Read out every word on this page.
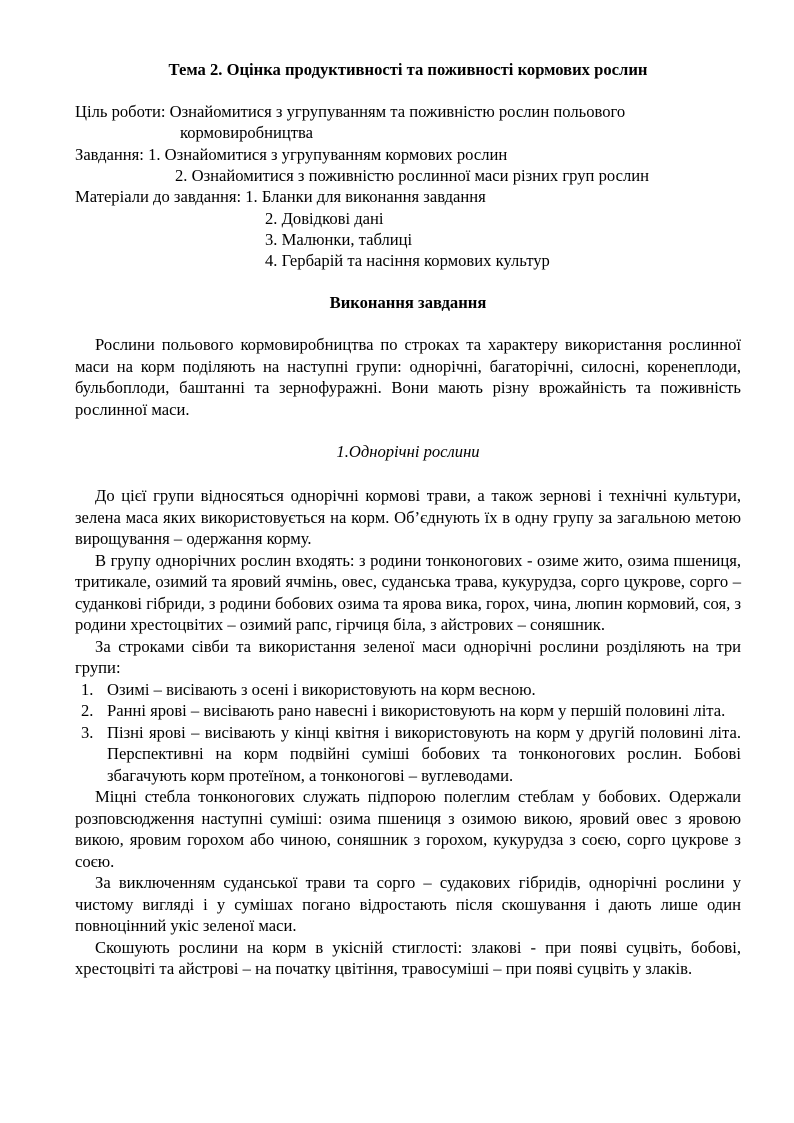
Тема 2. Оцінка продуктивності та поживності кормових рослин
Ціль роботи: Ознайомитися з угрупуванням та поживністю рослин польового
кормовиробництва
Завдання: 1. Ознайомитися з угрупуванням кормових рослин
2. Ознайомитися з поживністю рослинної маси різних груп рослин
Матеріали до завдання: 1. Бланки для виконання завдання
2. Довідкові дані
3. Малюнки, таблиці
4. Гербарій та насіння кормових культур
Виконання завдання

Рослини польового кормовиробництва по строках та характеру використання рослинної маси на корм поділяють на наступні групи: однорічні, багаторічні, силосні, коренеплоди, бульбоплоди, баштанні та зернофуражні. Вони мають різну врожайність та поживність рослинної маси.

1.Однорічні рослини

До цієї групи відносяться однорічні кормові трави, а також зернові і технічні культури, зелена маса яких використовується на корм. Об’єднують їх в одну групу за загальною метою вирощування – одержання корму.

В групу однорічних рослин входять: з родини тонконогових - озиме жито, озима пшениця, тритикале, озимий та яровий ячмінь, овес, суданська трава, кукурудза, сорго цукрове, сорго – суданкові гібриди, з родини бобових озима та ярова вика, горох, чина, люпин кормовий, соя, з родини хрестоцвітих – озимий рапс, гірчиця біла, з айстрових – соняшник.

За строками сівби та використання зеленої маси однорічні рослини розділяють на три групи:

1. Озимі – висівають з осені і використовують на корм весною.
2. Ранні ярові – висівають рано навесні і використовують на корм у першій половині літа.
3. Пізні ярові – висівають у кінці квітня і використовують на корм у другій половині літа. Перспективні на корм подвійні суміші бобових та тонконогових рослин. Бобові збагачують корм протеїном, а тонконогові – вуглеводами.

Міцні стебла тонконогових служать підпорою полеглим стеблам у бобових. Одержали розповсюдження наступні суміші: озима пшениця з озимою викою, яровий овес з яровою викою, яровим горохом або чиною, соняшник з горохом, кукурудза з соєю, сорго цукрове з соєю.

За виключенням суданської трави та сорго – судакових гібридів, однорічні рослини у чистому вигляді і у сумішах погано відростають після скошування і дають лише один повноцінний укіс зеленої маси.

Скошують рослини на корм в укісній стиглості: злакові - при появі суцвіть, бобові, хрестоцвіті та айстрові – на початку цвітіння, травосуміші – при появі суцвіть у злаків.
